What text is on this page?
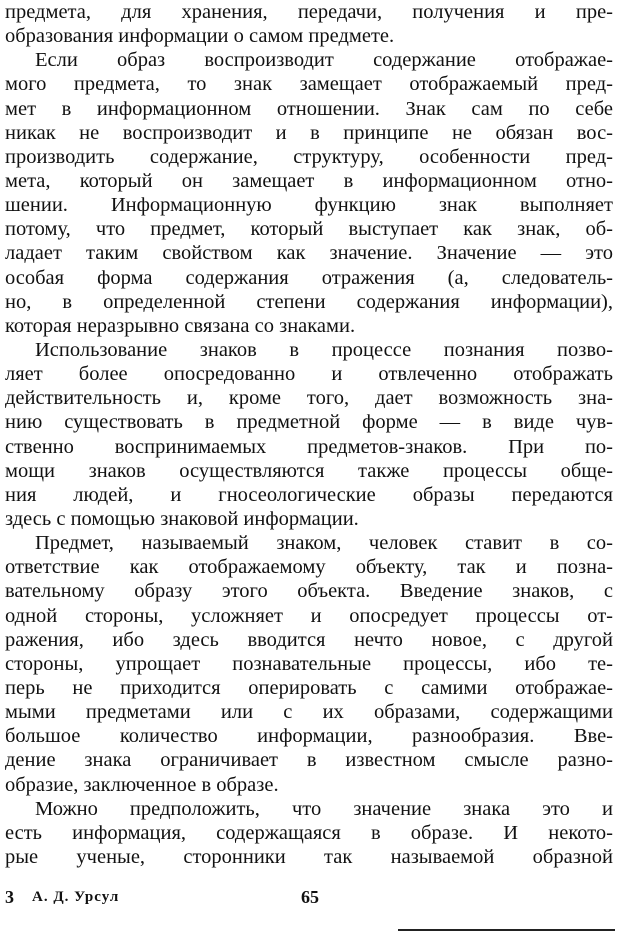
предмета, для хранения, передачи, получения и пре-
образования информации о самом предмете.
Если образ воспроизводит содержание отображае-
мого предмета, то знак замещает отображаемый пред-
мет в информационном отношении. Знак сам по себе
никак не воспроизводит и в принципе не обязан вос-
производить содержание, структуру, особенности пред-
мета, который он замещает в информационном отно-
шении. Информационную функцию знак выполняет
потому, что предмет, который выступает как знак, об-
ладает таким свойством как значение. Значение — это
особая форма содержания отражения (а, следователь-
но, в определенной степени содержания информации),
которая неразрывно связана со знаками.
Использование знаков в процессе познания позво-
ляет более опосредованно и отвлеченно отображать
действительность и, кроме того, дает возможность зна-
нию существовать в предметной форме — в виде чув-
ственно воспринимаемых предметов-знаков. При по-
мощи знаков осуществляются также процессы обще-
ния людей, и гносеологические образы передаются
здесь с помощью знаковой информации.
Предмет, называемый знаком, человек ставит в со-
ответствие как отображаемому объекту, так и позна-
вательному образу этого объекта. Введение знаков, с
одной стороны, усложняет и опосредует процессы от-
ражения, ибо здесь вводится нечто новое, с другой
стороны, упрощает познавательные процессы, ибо те-
перь не приходится оперировать с самими отображае-
мыми предметами или с их образами, содержащими
большое количество информации, разнообразия. Вве-
дение знака ограничивает в известном смысле разно-
образие, заключенное в образе.
Можно предположить, что значение знака это и
есть информация, содержащаяся в образе. И некото-
рые ученые, сторонники так называемой образной
3 А. Д. Урсул	65
